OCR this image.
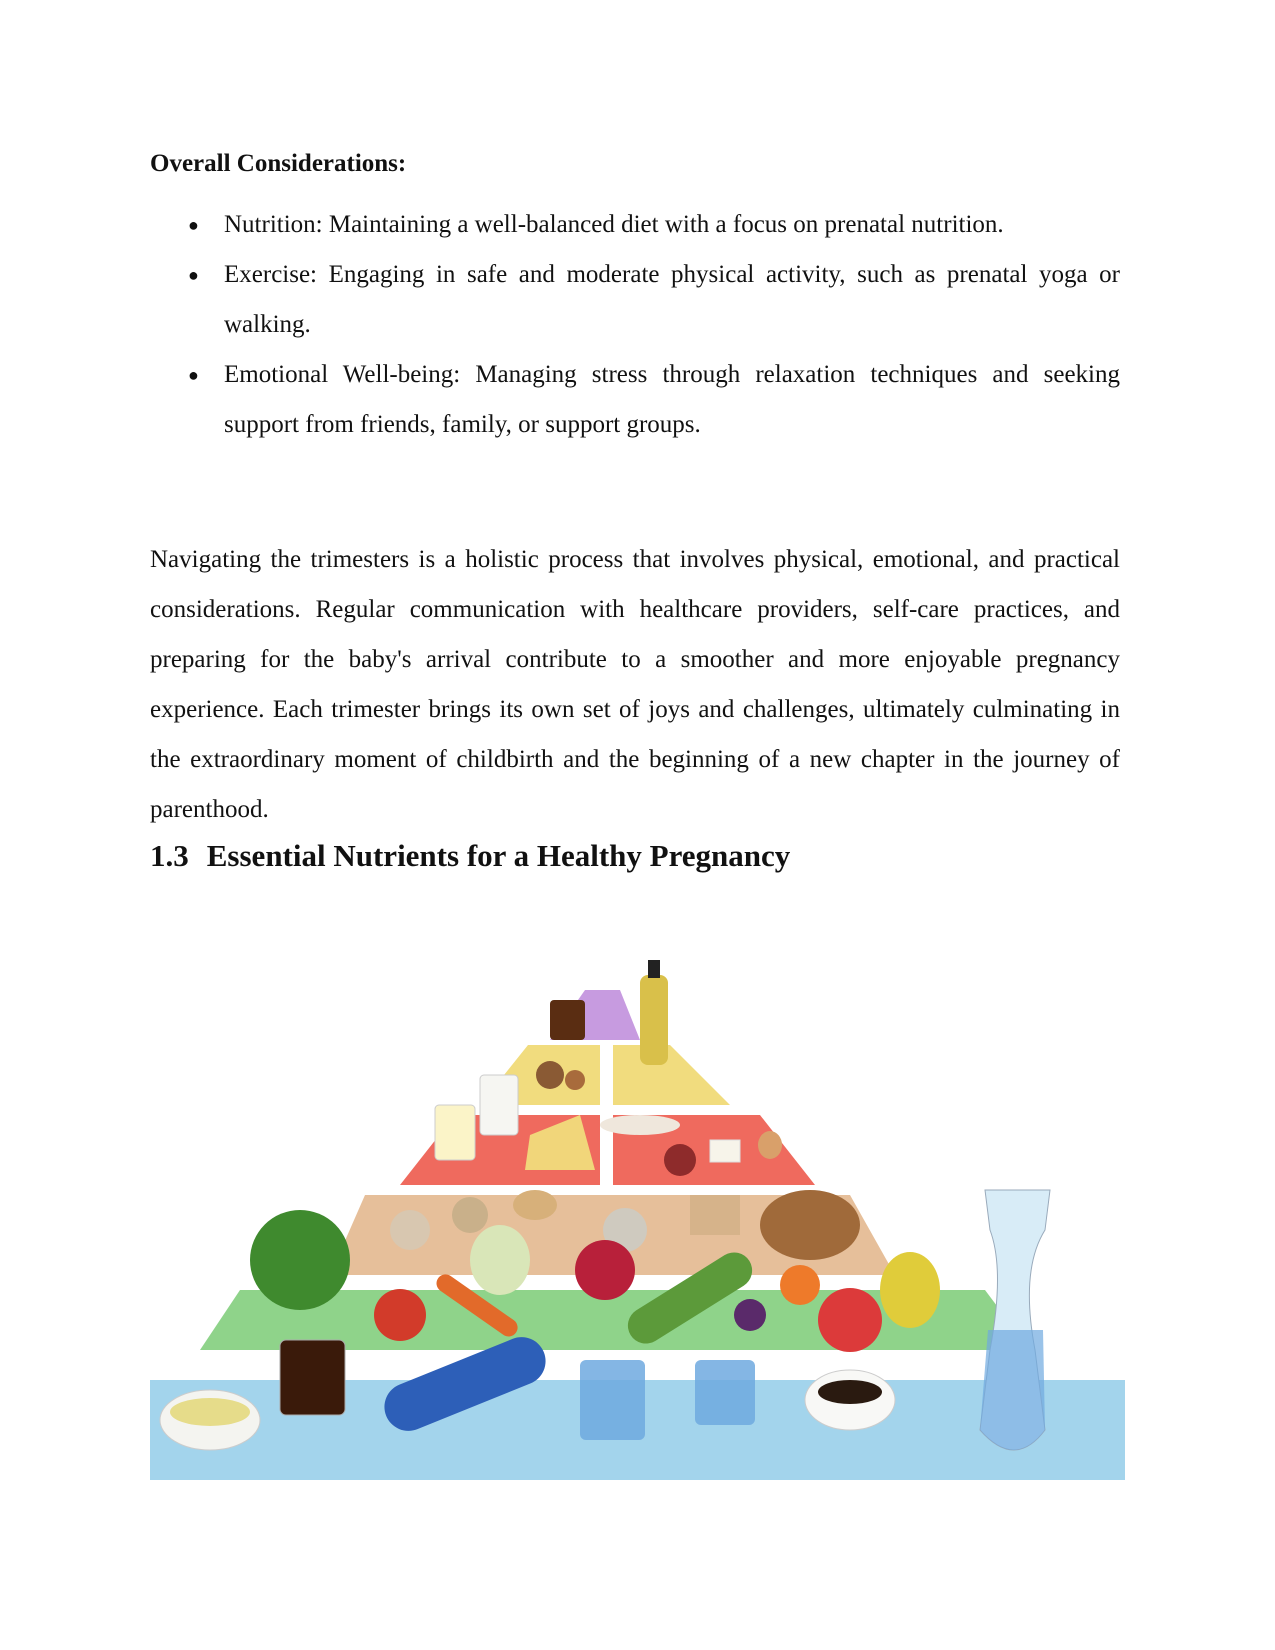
Overall Considerations:
● Nutrition: Maintaining a well-balanced diet with a focus on prenatal nutrition.
● Exercise: Engaging in safe and moderate physical activity, such as prenatal yoga or walking.
● Emotional Well-being: Managing stress through relaxation techniques and seeking support from friends, family, or support groups.

Navigating the trimesters is a holistic process that involves physical, emotional, and practical considerations. Regular communication with healthcare providers, self-care practices, and preparing for the baby's arrival contribute to a smoother and more enjoyable pregnancy experience. Each trimester brings its own set of joys and challenges, ultimately culminating in the extraordinary moment of childbirth and the beginning of a new chapter in the journey of parenthood.

1.3 Essential Nutrients for a Healthy Pregnancy
